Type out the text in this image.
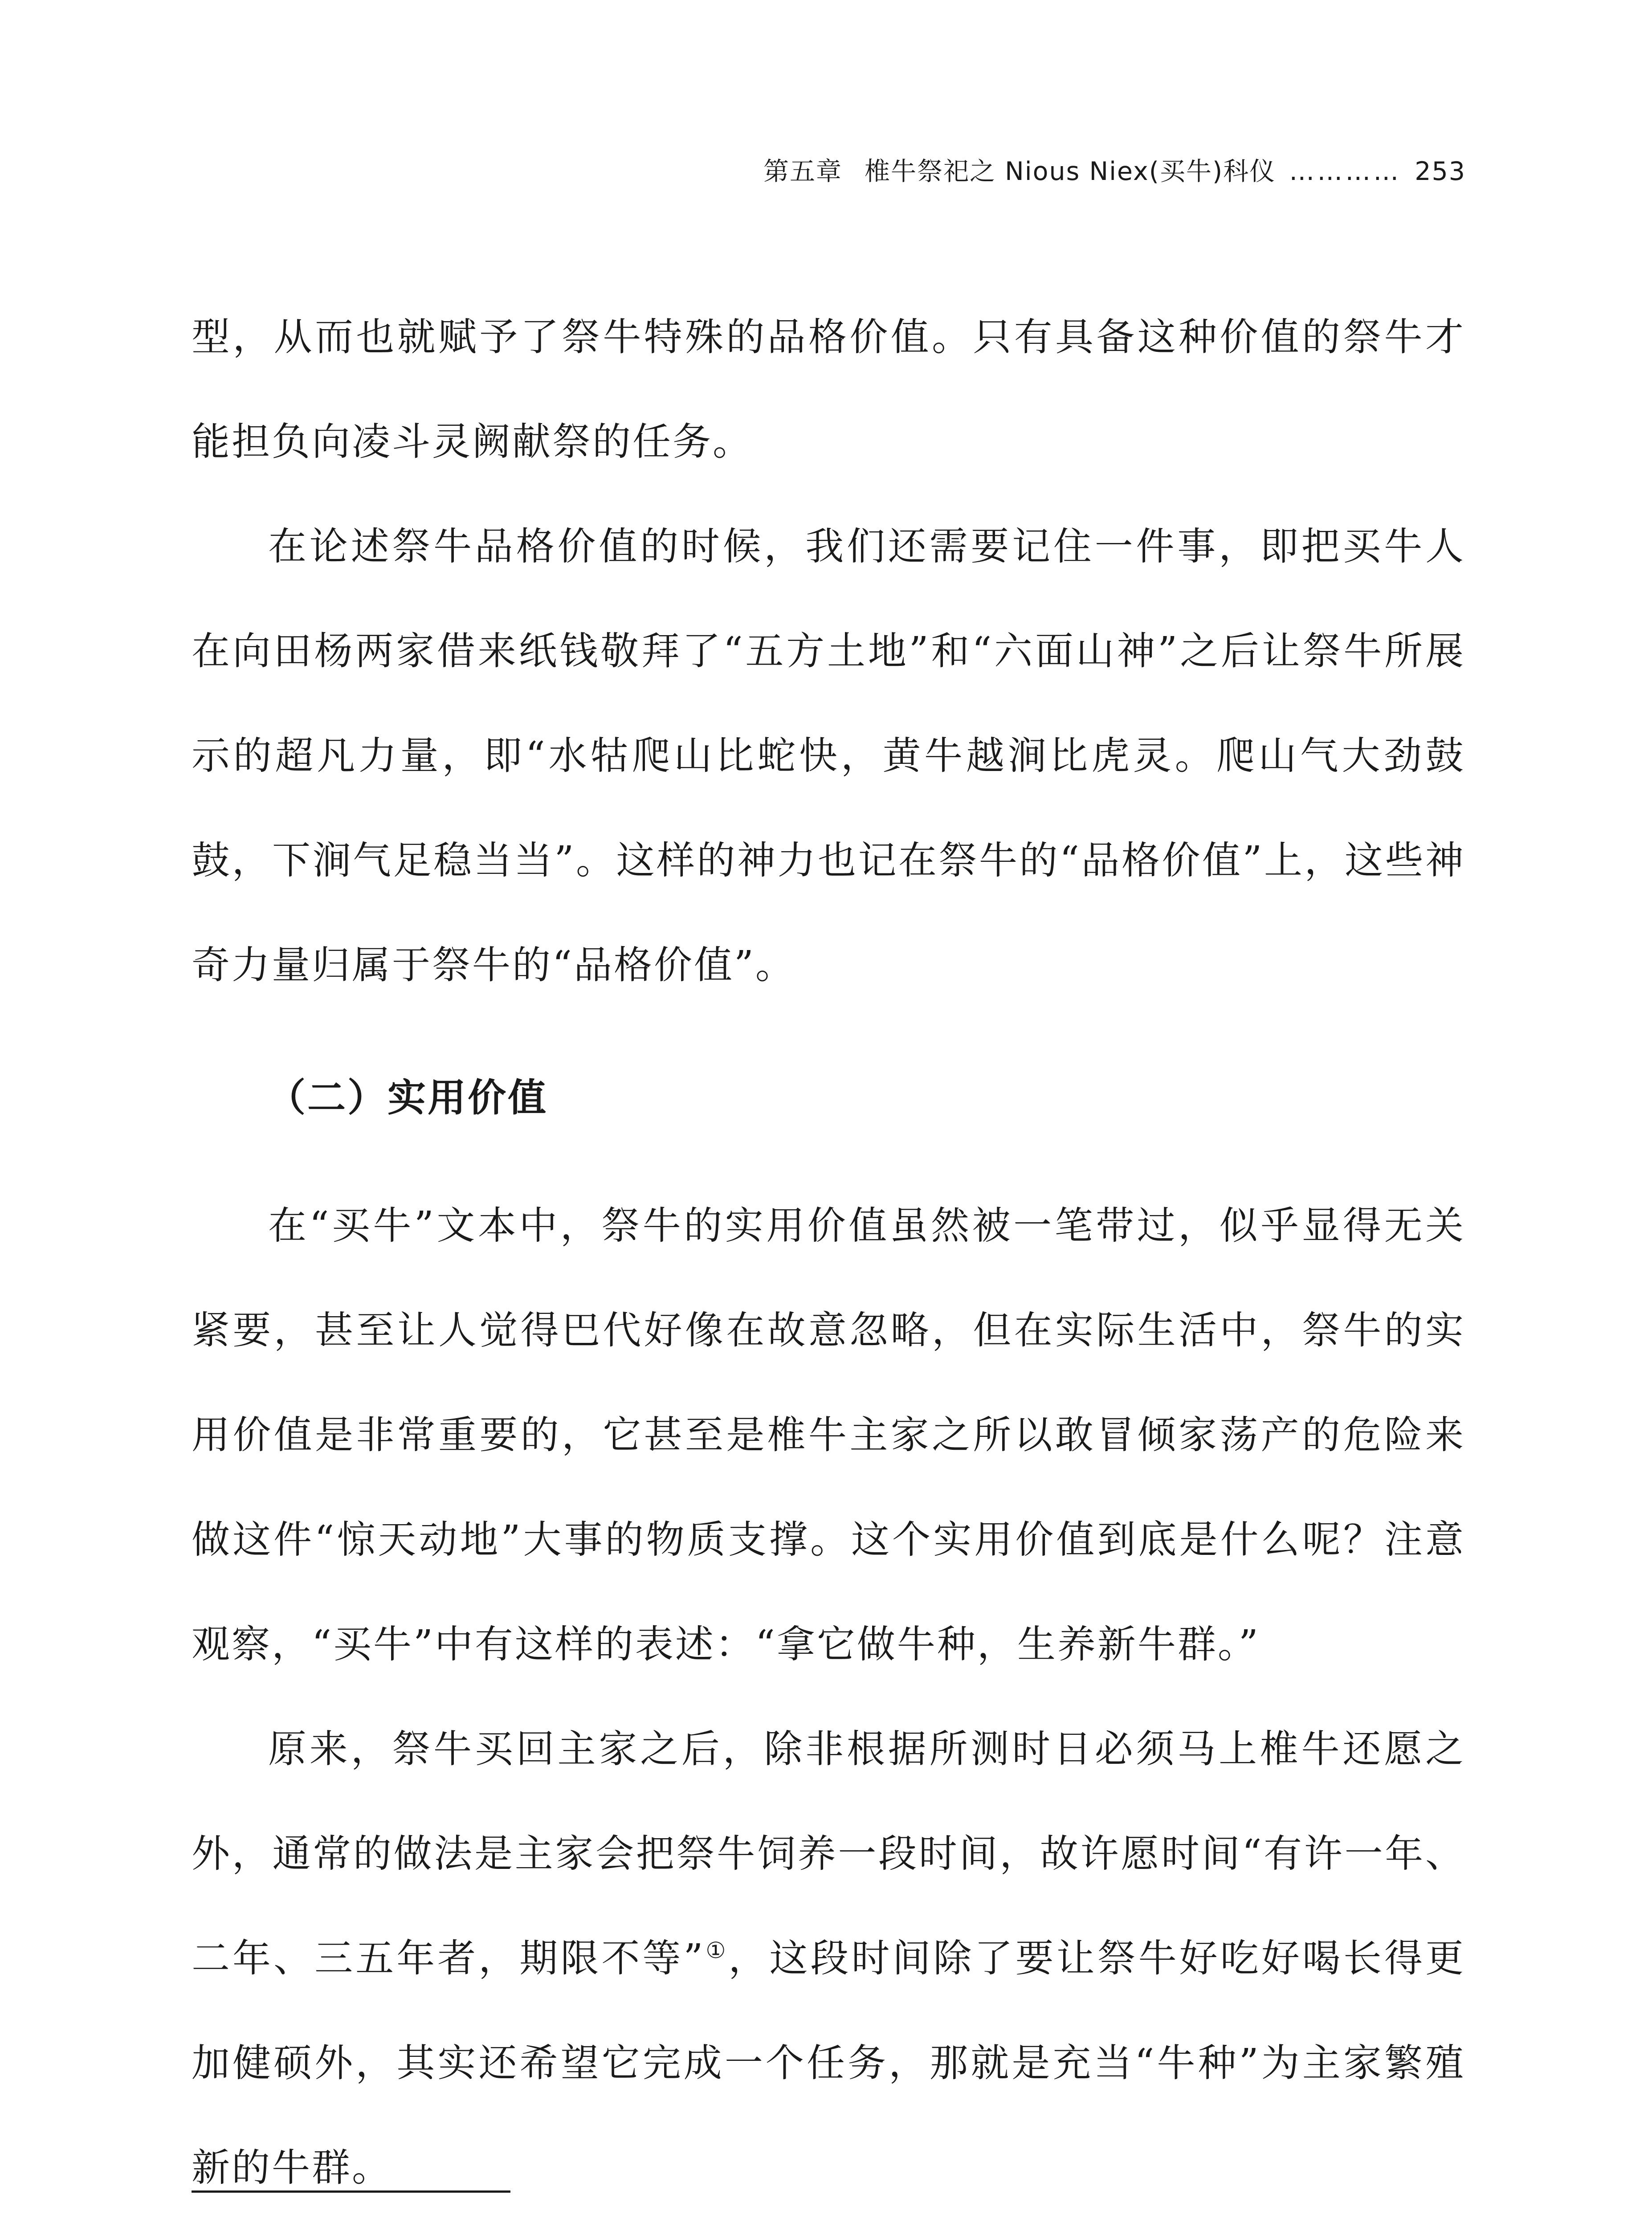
第五章 椎牛祭祀之 Nious Niex(买牛)科仪 ………… 253

型，从而也就赋予了祭牛特殊的品格价值。只有具备这种价值的祭牛才能担负向凌斗灵阙献祭的任务。

在论述祭牛品格价值的时候，我们还需要记住一件事，即把买牛人在向田杨两家借来纸钱敬拜了“五方土地”和“六面山神”之后让祭牛所展示的超凡力量，即“水牯爬山比蛇快，黄牛越涧比虎灵。爬山气大劲鼓鼓，下涧气足稳当当”。这样的神力也记在祭牛的“品格价值”上，这些神奇力量归属于祭牛的“品格价值”。

（二）实用价值

在“买牛”文本中，祭牛的实用价值虽然被一笔带过，似乎显得无关紧要，甚至让人觉得巴代好像在故意忽略，但在实际生活中，祭牛的实用价值是非常重要的，它甚至是椎牛主家之所以敢冒倾家荡产的危险来做这件“惊天动地”大事的物质支撑。这个实用价值到底是什么呢？注意观察，“买牛”中有这样的表述：“拿它做牛种，生养新牛群。”

原来，祭牛买回主家之后，除非根据所测时日必须马上椎牛还愿之外，通常的做法是主家会把祭牛饲养一段时间，故许愿时间“有许一年、二年、三五年者，期限不等”①，这段时间除了要让祭牛好吃好喝长得更加健硕外，其实还希望它完成一个任务，那就是充当“牛种”为主家繁殖新的牛群。
